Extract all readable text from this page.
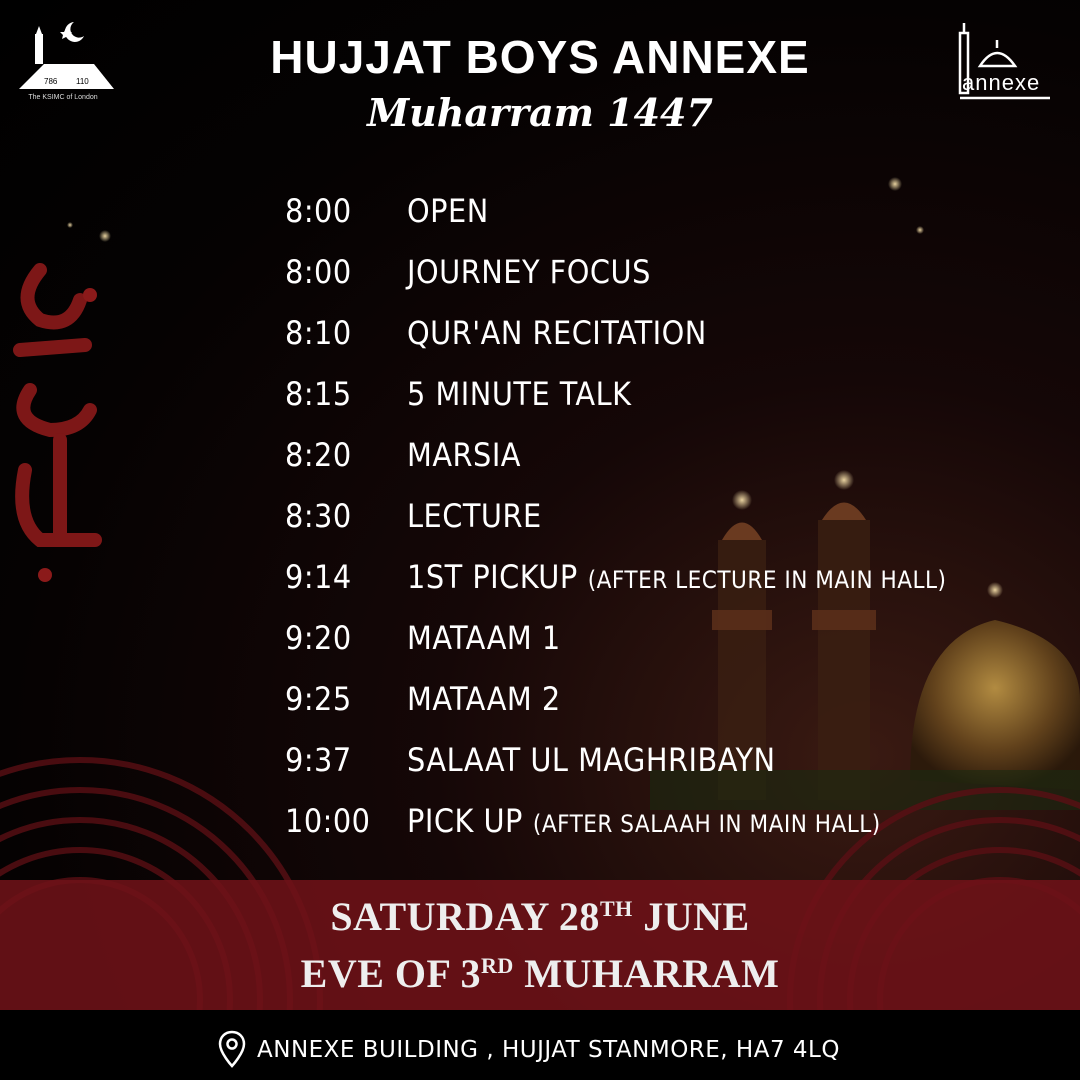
786 110
The KSIMC of London
annexe
HUJJAT BOYS ANNEXE
Muharram 1447
8:00 OPEN
8:00 JOURNEY FOCUS
8:10 QUR'AN RECITATION
8:15 5 MINUTE TALK
8:20 MARSIA
8:30 LECTURE
9:14 1ST PICKUP (AFTER LECTURE IN MAIN HALL)
9:20 MATAAM 1
9:25 MATAAM 2
9:37 SALAAT UL MAGHRIBAYN
10:00 PICK UP (AFTER SALAAH IN MAIN HALL)
SATURDAY 28TH JUNE
EVE OF 3RD MUHARRAM
ANNEXE BUILDING , HUJJAT STANMORE, HA7 4LQ
